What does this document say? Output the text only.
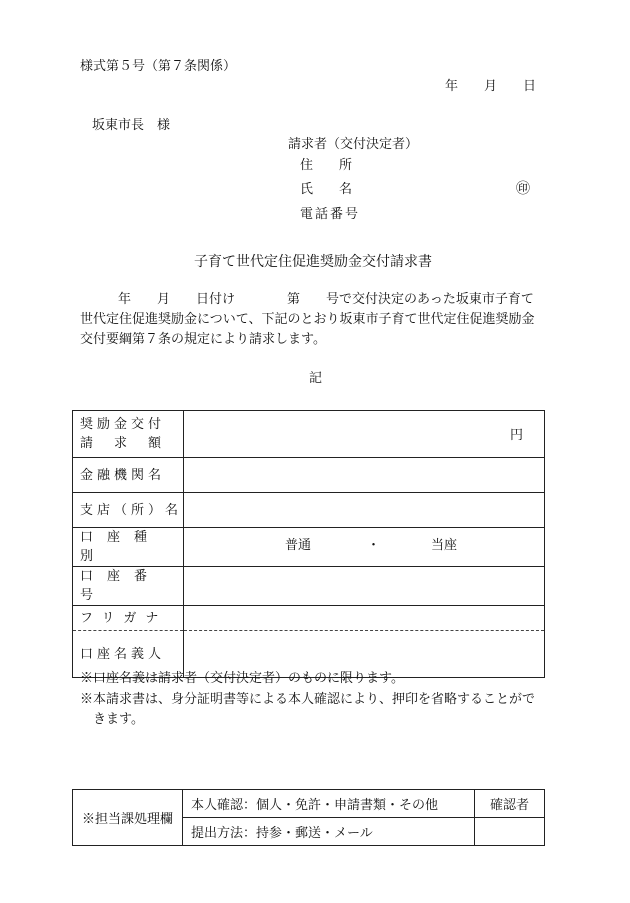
様式第５号（第７条関係）
年 月 日
坂東市長　様
請求者（交付決定者）
住　　所
氏　　名	㊞
電話番号
子育て世代定住促進奨励金交付請求書
年　　月　　日付け　　　　第　　号で交付決定のあった坂東市子育て
世代定住促進奨励金について、下記のとおり坂東市子育て世代定住促進奨励金
交付要綱第７条の規定により請求します。
記
奨励金交付
請　求　額	円

金融機関名	
支店（所）名	
口座種別	普通 ・ 当座

口座番号	
フリガナ	
口座名義人	
※口座名義は請求者（交付決定者）のものに限ります。
※本請求書は、身分証明書等による本人確認により、押印を省略することがで
きます。
※担当課処理欄	本人確認：個人・免許・申請書類・その他	確認者
	提出方法：持参・郵送・メール	
